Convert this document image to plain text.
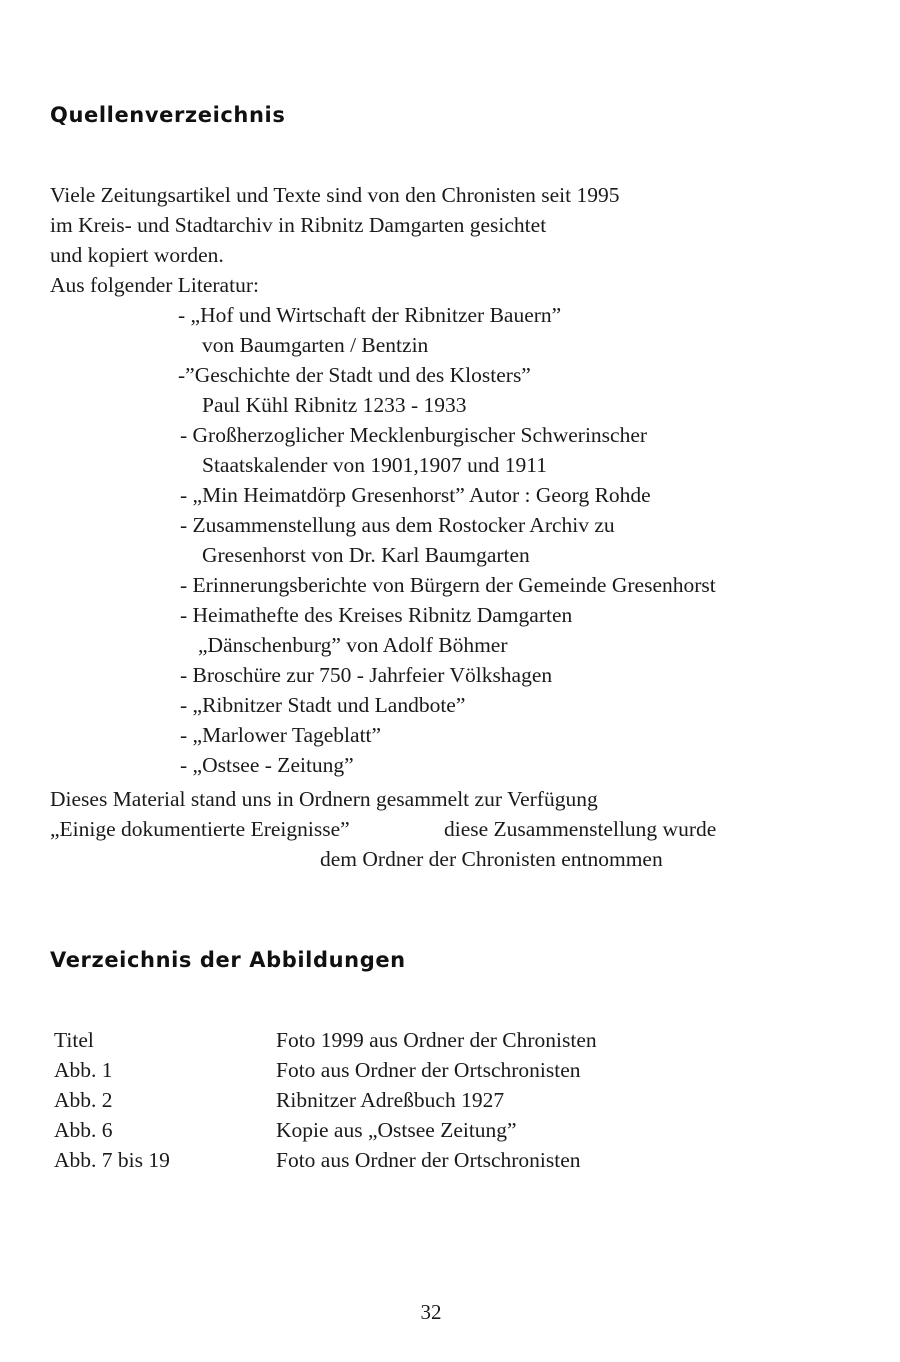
Quellenverzeichnis
Viele Zeitungsartikel und Texte sind von den Chronisten seit 1995
im Kreis- und Stadtarchiv in Ribnitz Damgarten gesichtet
und kopiert worden.
Aus folgender Literatur:
- „Hof und Wirtschaft der Ribnitzer Bauern”
von Baumgarten / Bentzin
-”Geschichte der Stadt und des Klosters”
Paul Kühl Ribnitz 1233 - 1933
- Großherzoglicher Mecklenburgischer Schwerinscher
Staatskalender von 1901,1907 und 1911
- „Min Heimatdörp Gresenhorst” Autor : Georg Rohde
- Zusammenstellung aus dem Rostocker Archiv zu
Gresenhorst von Dr. Karl Baumgarten
- Erinnerungsberichte von Bürgern der Gemeinde Gresenhorst
- Heimathefte des Kreises Ribnitz Damgarten
„Dänschenburg” von Adolf Böhmer
- Broschüre zur 750 - Jahrfeier Völkshagen
- „Ribnitzer Stadt und Landbote”
- „Marlower Tageblatt”
- „Ostsee - Zeitung”
Dieses Material stand uns in Ordnern gesammelt zur Verfügung
„Einige dokumentierte Ereignisse”	diese Zusammenstellung wurde
dem Ordner der Chronisten entnommen
Verzeichnis der Abbildungen
Titel	Foto 1999 aus Ordner der Chronisten
Abb. 1	Foto aus Ordner der Ortschronisten
Abb. 2	Ribnitzer Adreßbuch 1927
Abb. 6	Kopie aus „Ostsee Zeitung”
Abb. 7 bis 19	Foto aus Ordner der Ortschronisten
32
